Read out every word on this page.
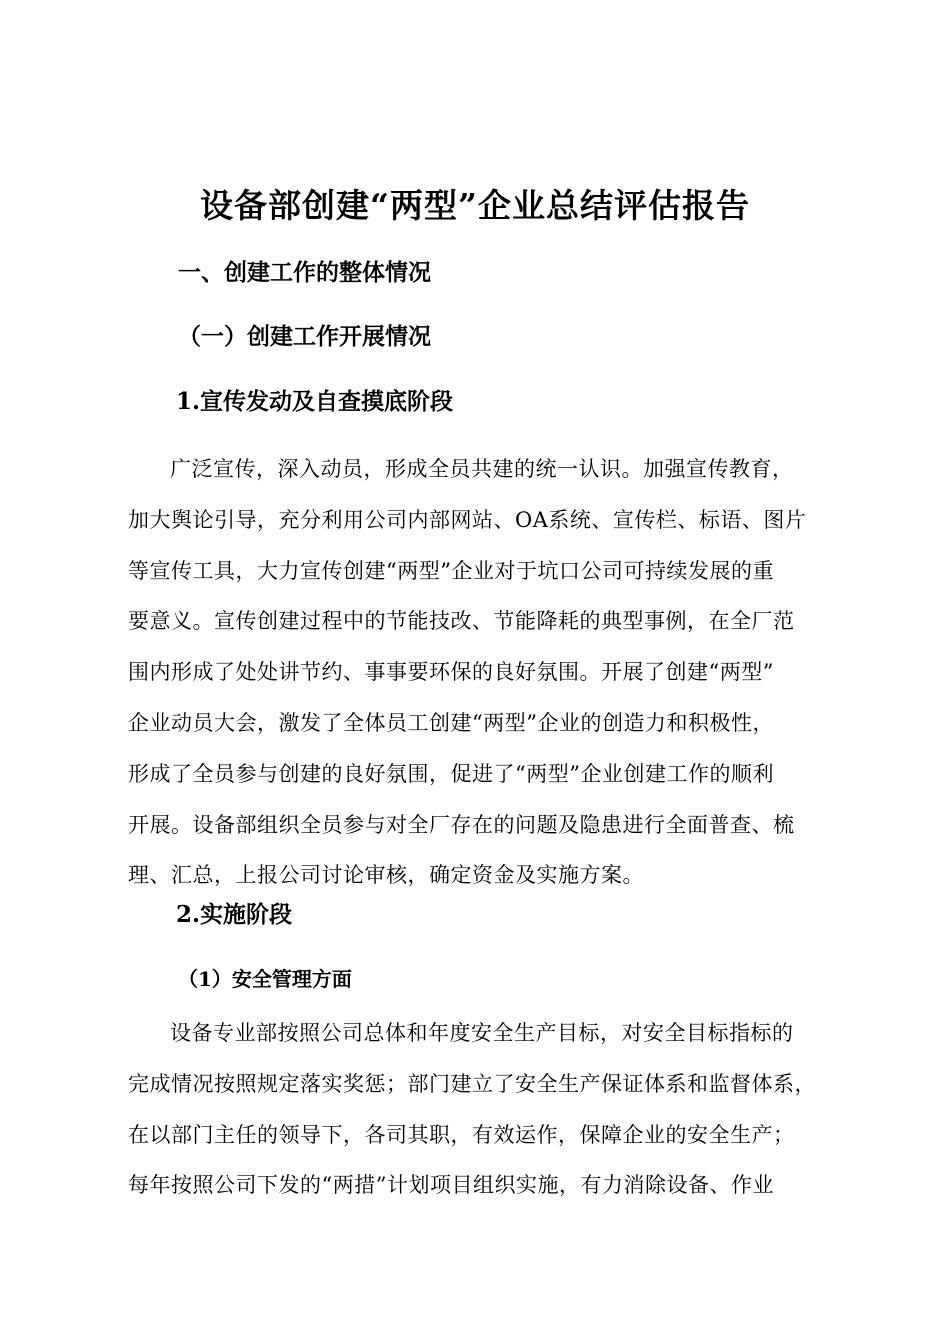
设备部创建“两型”企业总结评估报告
一、创建工作的整体情况
（一）创建工作开展情况
1.宣传发动及自查摸底阶段
广泛宣传，深入动员，形成全员共建的统一认识。加强宣传教育，
加大舆论引导，充分利用公司内部网站、OA系统、宣传栏、标语、图片
等宣传工具，大力宣传创建“两型”企业对于坑口公司可持续发展的重
要意义。宣传创建过程中的节能技改、节能降耗的典型事例，在全厂范
围内形成了处处讲节约、事事要环保的良好氛围。开展了创建“两型”
企业动员大会，激发了全体员工创建“两型”企业的创造力和积极性，
形成了全员参与创建的良好氛围，促进了“两型”企业创建工作的顺利
开展。设备部组织全员参与对全厂存在的问题及隐患进行全面普查、梳
理、汇总，上报公司讨论审核，确定资金及实施方案。
2.实施阶段
（1）安全管理方面
设备专业部按照公司总体和年度安全生产目标，对安全目标指标的
完成情况按照规定落实奖惩；部门建立了安全生产保证体系和监督体系，
在以部门主任的领导下，各司其职，有效运作，保障企业的安全生产；
每年按照公司下发的“两措”计划项目组织实施，有力消除设备、作业
